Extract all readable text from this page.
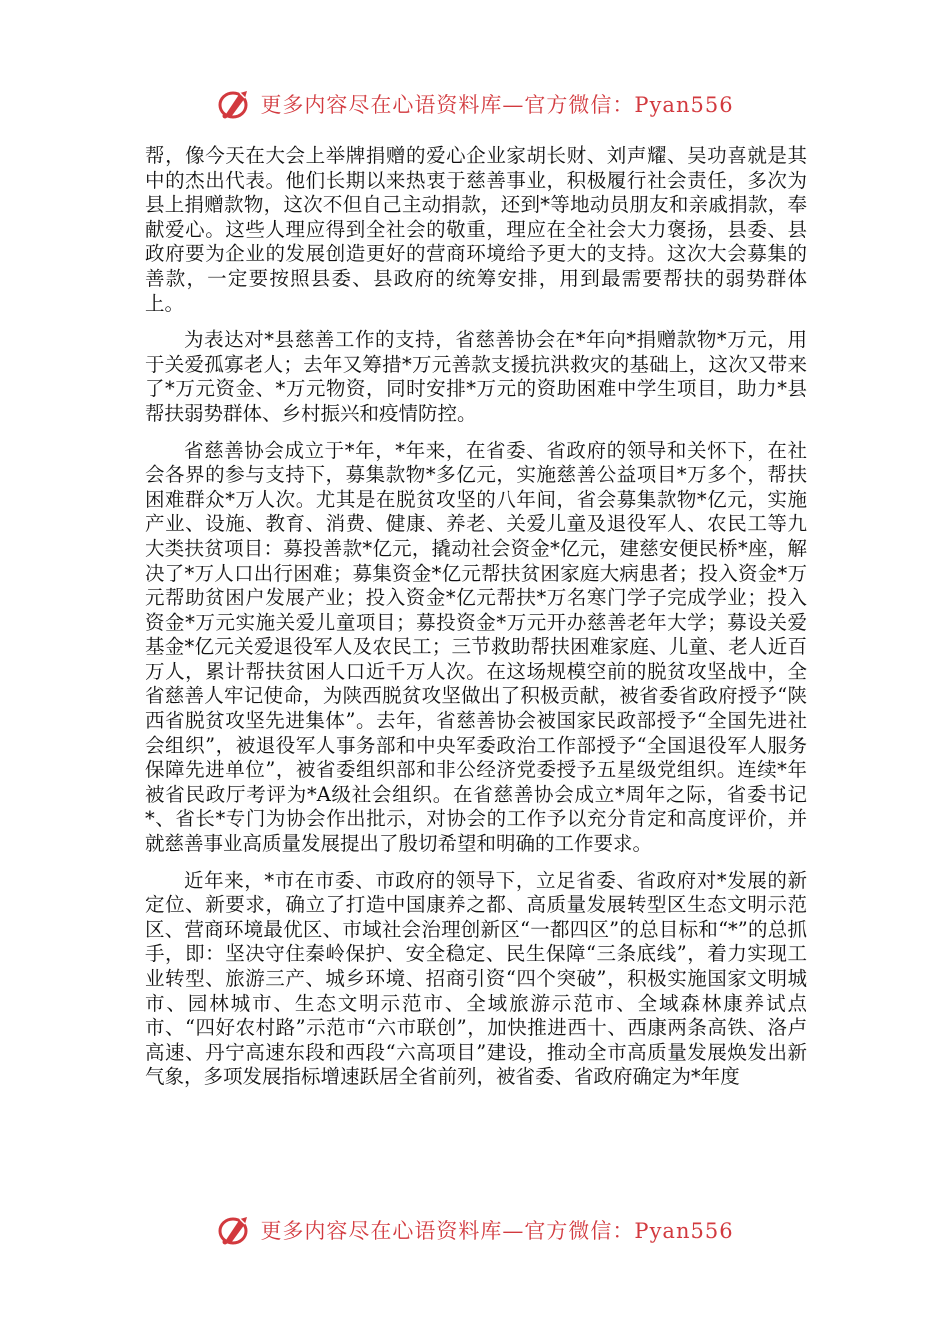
更多内容尽在心语资料库—官方微信：Pyan556

帮，像今天在大会上举牌捐赠的爱心企业家胡长财、刘声耀、吴功喜就是其中的杰出代表。他们长期以来热衷于慈善事业，积极履行社会责任，多次为县上捐赠款物，这次不但自己主动捐款，还到*等地动员朋友和亲戚捐款，奉献爱心。这些人理应得到全社会的敬重，理应在全社会大力褒扬，县委、县政府要为企业的发展创造更好的营商环境给予更大的支持。这次大会募集的善款，一定要按照县委、县政府的统筹安排，用到最需要帮扶的弱势群体上。

为表达对*县慈善工作的支持，省慈善协会在*年向*捐赠款物*万元，用于关爱孤寡老人；去年又筹措*万元善款支援抗洪救灾的基础上，这次又带来了*万元资金、*万元物资，同时安排*万元的资助困难中学生项目，助力*县帮扶弱势群体、乡村振兴和疫情防控。

省慈善协会成立于*年，*年来，在省委、省政府的领导和关怀下，在社会各界的参与支持下，募集款物*多亿元，实施慈善公益项目*万多个，帮扶困难群众*万人次。尤其是在脱贫攻坚的八年间，省会募集款物*亿元，实施产业、设施、教育、消费、健康、养老、关爱儿童及退役军人、农民工等九大类扶贫项目：募投善款*亿元，撬动社会资金*亿元，建慈安便民桥*座，解决了*万人口出行困难；募集资金*亿元帮扶贫困家庭大病患者；投入资金*万元帮助贫困户发展产业；投入资金*亿元帮扶*万名寒门学子完成学业；投入资金*万元实施关爱儿童项目；募投资金*万元开办慈善老年大学；募设关爱基金*亿元关爱退役军人及农民工；三节救助帮扶困难家庭、儿童、老人近百万人，累计帮扶贫困人口近千万人次。在这场规模空前的脱贫攻坚战中，全省慈善人牢记使命，为陕西脱贫攻坚做出了积极贡献，被省委省政府授予“陕西省脱贫攻坚先进集体”。去年，省慈善协会被国家民政部授予“全国先进社会组织”，被退役军人事务部和中央军委政治工作部授予“全国退役军人服务保障先进单位”，被省委组织部和非公经济党委授予五星级党组织。连续*年被省民政厅考评为*A级社会组织。在省慈善协会成立*周年之际，省委书记*、省长*专门为协会作出批示，对协会的工作予以充分肯定和高度评价，并就慈善事业高质量发展提出了殷切希望和明确的工作要求。

近年来，*市在市委、市政府的领导下，立足省委、省政府对*发展的新定位、新要求，确立了打造中国康养之都、高质量发展转型区生态文明示范区、营商环境最优区、市域社会治理创新区“一都四区”的总目标和“*”的总抓手，即：坚决守住秦岭保护、安全稳定、民生保障“三条底线”，着力实现工业转型、旅游三产、城乡环境、招商引资“四个突破”，积极实施国家文明城市、园林城市、生态文明示范市、全域旅游示范市、全域森林康养试点市、“四好农村路”示范市“六市联创”，加快推进西十、西康两条高铁、洛卢高速、丹宁高速东段和西段“六高项目”建设，推动全市高质量发展焕发出新气象，多项发展指标增速跃居全省前列，被省委、省政府确定为*年度

更多内容尽在心语资料库—官方微信：Pyan556
